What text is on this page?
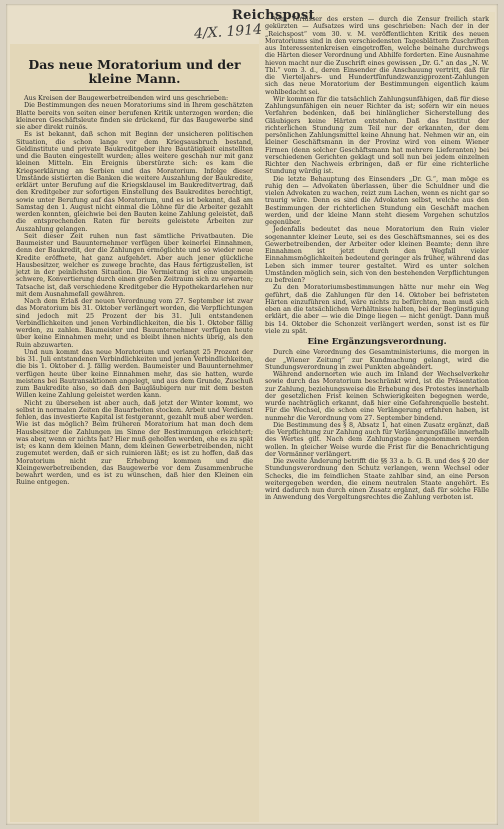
Das neue Moratorium und der kleine Mann.

Aus Kreisen der Baugewerbetreibenden wird uns geschrieben:

Die Bestimmungen des neuen Moratoriums sind in Ihrem geschätzten Blatte bereits von seiten einer berufenen Kritik unterzogen worden; die kleineren Geschäftsleute finden sie drückend, für das Baugewerbe sind sie aber direkt ruinös.

Es ist bekannt, daß schon mit Beginn der unsicheren politischen Situation, die schon lange vor dem Kriegsausbruch bestand, Geldinstitute und private Baukreditgeber ihre Bautätigkeit einstellten und die Bauten eingestellt wurden; alles weitere geschah nur mit ganz kleinen Mitteln. Ein Ereignis überstürzte sich: es kam die Kriegserklärung an Serbien und das Moratorium. Infolge dieser Umstände sistierten die Banken die weitere Auszahlung der Baukredite, erklärt unter Berufung auf die Kriegsklausel im Baukreditvertrag, daß den Kreditgeber zur sofortigen Einstellung des Baukredites berechtigt, sowie unter Berufung auf das Moratorium, und es ist bekannt, daß am Samstag den 1. August nicht einmal die Löhne für die Arbeiter gezahlt werden konnten, gleichwie bei den Bauten keine Zahlung geleistet, daß die entsprechenden Raten für bereits geleistete Arbeiten zur Auszahlung gelangen.

Seit dieser Zeit ruhen nun fast sämtliche Privatbauten. Die Baumeister und Bauunternehmer verfügen über keinerlei Einnahmen, denn der Baukredit, der die Zahlungen ermöglichte und so wieder neue Kredite eröffnete, hat ganz aufgehört. Aber auch jener glückliche Hausbesitzer, welcher es zuwege brachte, das Haus fertigzustellen, ist jetzt in der peinlichsten Situation. Die Vermietung ist eine ungemein schwere, Konvertierung durch einen großen Zeitraum sich zu erwarten; Tatsache ist, daß verschiedene Kreditgeber die Hypothekardarlehen nur mit dem Ausnahmefall gewähren.

Nach dem Erlaß der neuen Verordnung vom 27. September ist zwar das Moratorium bis 31. Oktober verlängert worden, die Verpflichtungen sind jedoch mit 25 Prozent der bis 31. Juli entstandenen Verbindlichkeiten und jenen Verbindlichkeiten, die bis 1. Oktober fällig werden, zu zahlen. Baumeister und Bauunternehmer verfügen heute über keine Einnahmen mehr, und es bleibt ihnen nichts übrig, als den Ruin abzuwarten.

Und nun kommt das neue Moratorium und verlangt 25 Prozent der bis 31. Juli entstandenen Verbindlichkeiten und jenen Verbindlichkeiten, die bis 1. Oktober d. J. fällig werden. Baumeister und Bauunternehmer verfügen heute über keine Einnahmen mehr, das sie hatten, wurde meistens bei Bautransaktionen angelegt, und aus dem Grunde, Zuschuß zum Baukredite also, so daß den Baugläubigern nur mit dem besten Willen keine Zahlung geleistet werden kann.

Nicht zu übersehen ist aber auch, daß jetzt der Winter kommt, wo selbst in normalen Zeiten die Bauarbeiten stocken. Arbeit und Verdienst fehlen, das investierte Kapital ist festgerannt, gezahlt muß aber werden. Wie ist das möglich? Beim früheren Moratorium hat man doch dem Hausbesitzer die Zahlungen im Sinne der Bestimmungen erleichtert; was aber, wenn er nichts hat? Hier muß geholfen werden, ehe es zu spät ist; es kann dem kleinen Mann, dem kleinen Gewerbetreibenden, nicht zugemutet werden, daß er sich ruinieren läßt; es ist zu hoffen, daß das Moratorium nicht zur Erhebung kommen und die Kleingewerbetreibenden, das Baugewerbe vor dem Zusammenbruche bewahrt werden, und es ist zu wünschen, daß hier den Kleinen ein Ruine entgegen.

Vom Verfasser des ersten — durch die Zensur freilich stark gekürzten — Aufsatzes wird uns geschrieben: Nach der in der „Reichspost“ vom 30. v. M. veröffentlichten Kritik des neuen Moratoriums sind in den verschiedensten Tagesblättern Zuschriften aus Interessentenkreisen eingetroffen, welche beinahe durchwegs die Härten dieser Verordnung und Abhilfe forderten. Eine Ausnahme hievon macht nur die Zuschrift eines gewissen „Dr. G.“ an das „N. W. Tbl.“ vom 3. d., deren Einsender die Anschauung vertritt, daß für die Vierteljahrs- und Hundertfünfundzwanzigprozent-Zahlungen sich das neue Moratorium der Bestimmungen eigentlich kaum wohlbedacht sei.

Wir kommen für die tatsächlich Zahlungsunfähigen, daß für diese Zahlungsunfähigen ein neuer Richter da ist; sofern wir ein neues Verfahren bedenken, daß bei hinlänglicher Sicherstellung des Gläubigers keine Härten entstehen. Daß das Institut der richterlichen Stundung zum Teil nur der erkannten, der dem persönlichen Zahlungsmittel keine Ahnung hat. Nehmen wir an, ein kleiner Geschäftsmann in der Provinz wird von einem Wiener Firmen (denn solcher Geschäftsmann hat mehrere Lieferanten) bei verschiedenen Gerichten geklagt und soll nun bei jedem einzelnen Richter den Nachweis erbringen, daß er für eine richterliche Stundung würdig ist.

Die letzte Behauptung des Einsenders „Dr. G.“, man möge es ruhig den — Advokaten überlassen, über die Schuldner und die vielen Advokaten zu wachen, reizt zum Lachen, wenn es nicht gar so traurig wäre. Denn es sind die Advokaten selbst, welche aus den Bestimmungen der richterlichen Stundung ein Geschäft machen werden, und der kleine Mann steht diesem Vorgehen schutzlos gegenüber.

Jedenfalls bedeutet das neue Moratorium den Ruin vieler sogenannter kleiner Leute, sei es des Geschäftsmannes, sei es des Gewerbetreibenden, der Arbeiter oder kleinen Beamte; denn ihre Einnahmen ist jetzt durch den Wegfall vieler Einnahmsmöglichkeiten bedeutend geringer als früher, während das Leben sich immer teurer gestaltet. Wird es unter solchen Umständen möglich sein, sich von den bestehenden Verpflichtungen zu befreien?

Zu den Moratoriumsbestimmungen hätte nur mehr ein Weg geführt, daß die Zahlungen für den 14. Oktober bei befristeten Härten einzuführen sind, wäre nichts zu befürchten, man muß sich eben an die tatsächlichen Verhältnisse halten, bei der Begünstigung erklärt, die aber — wie die Dinge liegen — nicht genügt. Dann muß bis 14. Oktober die Schonzeit verlängert werden, sonst ist es für viele zu spät.

Eine Ergänzungsverordnung.

Durch eine Verordnung des Gesamtministeriums, die morgen in der „Wiener Zeitung“ zur Kundmachung gelangt, wird die Stundungsverordnung in zwei Punkten abgeändert.

Während andernorten wie auch im Inland der Wechselverkehr sowie durch das Moratorium beschränkt wird, ist die Präsentation zur Zahlung, beziehungsweise die Erhebung des Protestes innerhalb der gesetzlichen Frist keinen Schwierigkeiten begegnen werde, wurde nachträglich erkannt, daß hier eine Gefahrenquelle besteht. Für die Wechsel, die schon eine Verlängerung erfahren haben, ist nunmehr die Verordnung vom 27. September bindend.

Die Bestimmung des § 8, Absatz 1, hat einen Zusatz ergänzt, daß die Verpflichtung zur Zahlung auch für Verlängerungsfälle innerhalb des Wertes gilt. Nach dem Zahlungstage angenommen werden wollen. In gleicher Weise wurde die Frist für die Benachrichtigung der Vormänner verlängert.

Die zweite Änderung betrifft die §§ 33 a. b. G. B. und des § 20 der Stundungsverordnung den Schutz verlangen, wenn Wechsel oder Schecks, die im feindlichen Staate zahlbar sind, an eine Person weitergegeben werden, die einem neutralen Staate angehört. Es wird dadurch nun durch einen Zusatz ergänzt, daß für solche Fälle in Anwendung des Vergeltungsrechtes die Zahlung verboten ist.

Reichspost
4/X. 1914
